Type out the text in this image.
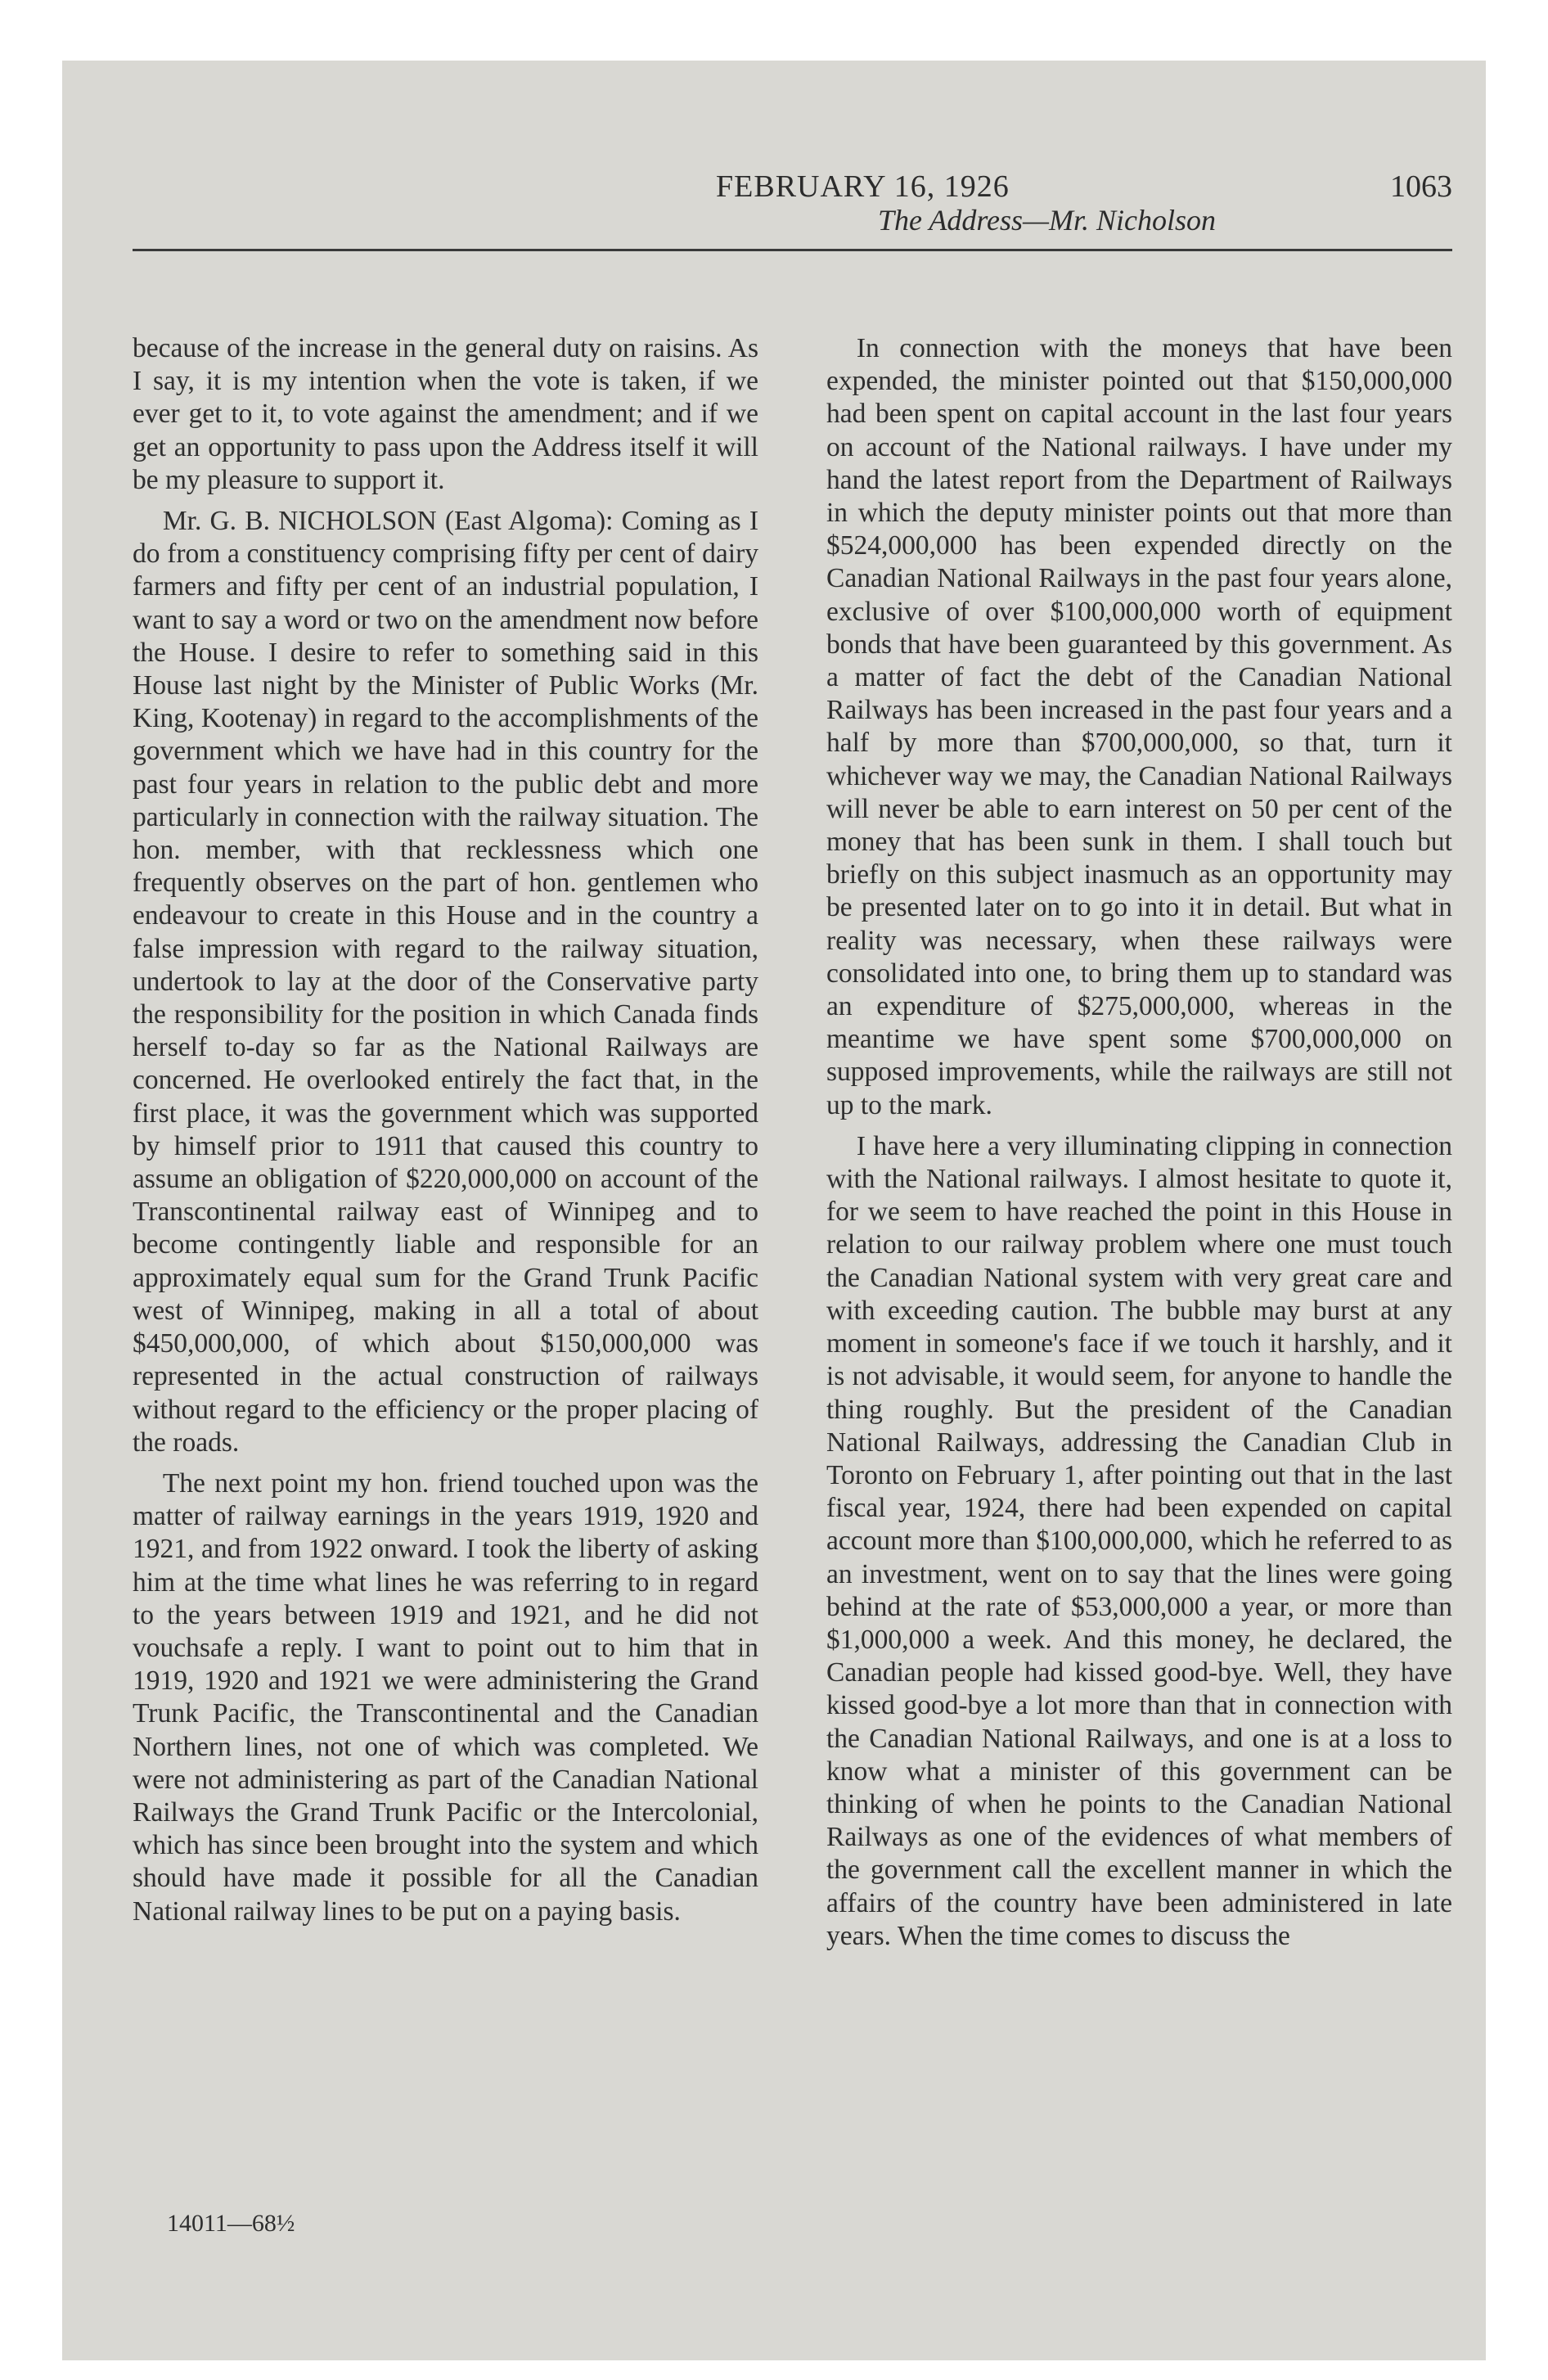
FEBRUARY 16, 1926	1063
The Address—Mr. Nicholson

because of the increase in the general duty on raisins. As I say, it is my intention when the vote is taken, if we ever get to it, to vote against the amendment; and if we get an opportunity to pass upon the Address itself it will be my pleasure to support it.

Mr. G. B. NICHOLSON (East Algoma): Coming as I do from a constituency comprising fifty per cent of dairy farmers and fifty per cent of an industrial population, I want to say a word or two on the amendment now before the House. I desire to refer to something said in this House last night by the Minister of Public Works (Mr. King, Kootenay) in regard to the accomplishments of the government which we have had in this country for the past four years in relation to the public debt and more particularly in connection with the railway situation. The hon. member, with that recklessness which one frequently observes on the part of hon. gentlemen who endeavour to create in this House and in the country a false impression with regard to the railway situation, undertook to lay at the door of the Conservative party the responsibility for the position in which Canada finds herself to-day so far as the National Railways are concerned. He overlooked entirely the fact that, in the first place, it was the government which was supported by himself prior to 1911 that caused this country to assume an obligation of $220,000,000 on account of the Transcontinental railway east of Winnipeg and to become contingently liable and responsible for an approximately equal sum for the Grand Trunk Pacific west of Winnipeg, making in all a total of about $450,000,000, of which about $150,000,000 was represented in the actual construction of railways without regard to the efficiency or the proper placing of the roads.

The next point my hon. friend touched upon was the matter of railway earnings in the years 1919, 1920 and 1921, and from 1922 onward. I took the liberty of asking him at the time what lines he was referring to in regard to the years between 1919 and 1921, and he did not vouchsafe a reply. I want to point out to him that in 1919, 1920 and 1921 we were administering the Grand Trunk Pacific, the Transcontinental and the Canadian Northern lines, not one of which was completed. We were not administering as part of the Canadian National Railways the Grand Trunk Pacific or the Intercolonial, which has since been brought into the system and which should have made it possible for all the Canadian National railway lines to be put on a paying basis.

In connection with the moneys that have been expended, the minister pointed out that $150,000,000 had been spent on capital account in the last four years on account of the National railways. I have under my hand the latest report from the Department of Railways in which the deputy minister points out that more than $524,000,000 has been expended directly on the Canadian National Railways in the past four years alone, exclusive of over $100,000,000 worth of equipment bonds that have been guaranteed by this government. As a matter of fact the debt of the Canadian National Railways has been increased in the past four years and a half by more than $700,000,000, so that, turn it whichever way we may, the Canadian National Railways will never be able to earn interest on 50 per cent of the money that has been sunk in them. I shall touch but briefly on this subject inasmuch as an opportunity may be presented later on to go into it in detail. But what in reality was necessary, when these railways were consolidated into one, to bring them up to standard was an expenditure of $275,000,000, whereas in the meantime we have spent some $700,000,000 on supposed improvements, while the railways are still not up to the mark.

I have here a very illuminating clipping in connection with the National railways. I almost hesitate to quote it, for we seem to have reached the point in this House in relation to our railway problem where one must touch the Canadian National system with very great care and with exceeding caution. The bubble may burst at any moment in someone's face if we touch it harshly, and it is not advisable, it would seem, for anyone to handle the thing roughly. But the president of the Canadian National Railways, addressing the Canadian Club in Toronto on February 1, after pointing out that in the last fiscal year, 1924, there had been expended on capital account more than $100,000,000, which he referred to as an investment, went on to say that the lines were going behind at the rate of $53,000,000 a year, or more than $1,000,000 a week. And this money, he declared, the Canadian people had kissed good-bye. Well, they have kissed good-bye a lot more than that in connection with the Canadian National Railways, and one is at a loss to know what a minister of this government can be thinking of when he points to the Canadian National Railways as one of the evidences of what members of the government call the excellent manner in which the affairs of the country have been administered in late years. When the time comes to discuss the

14011—68½
